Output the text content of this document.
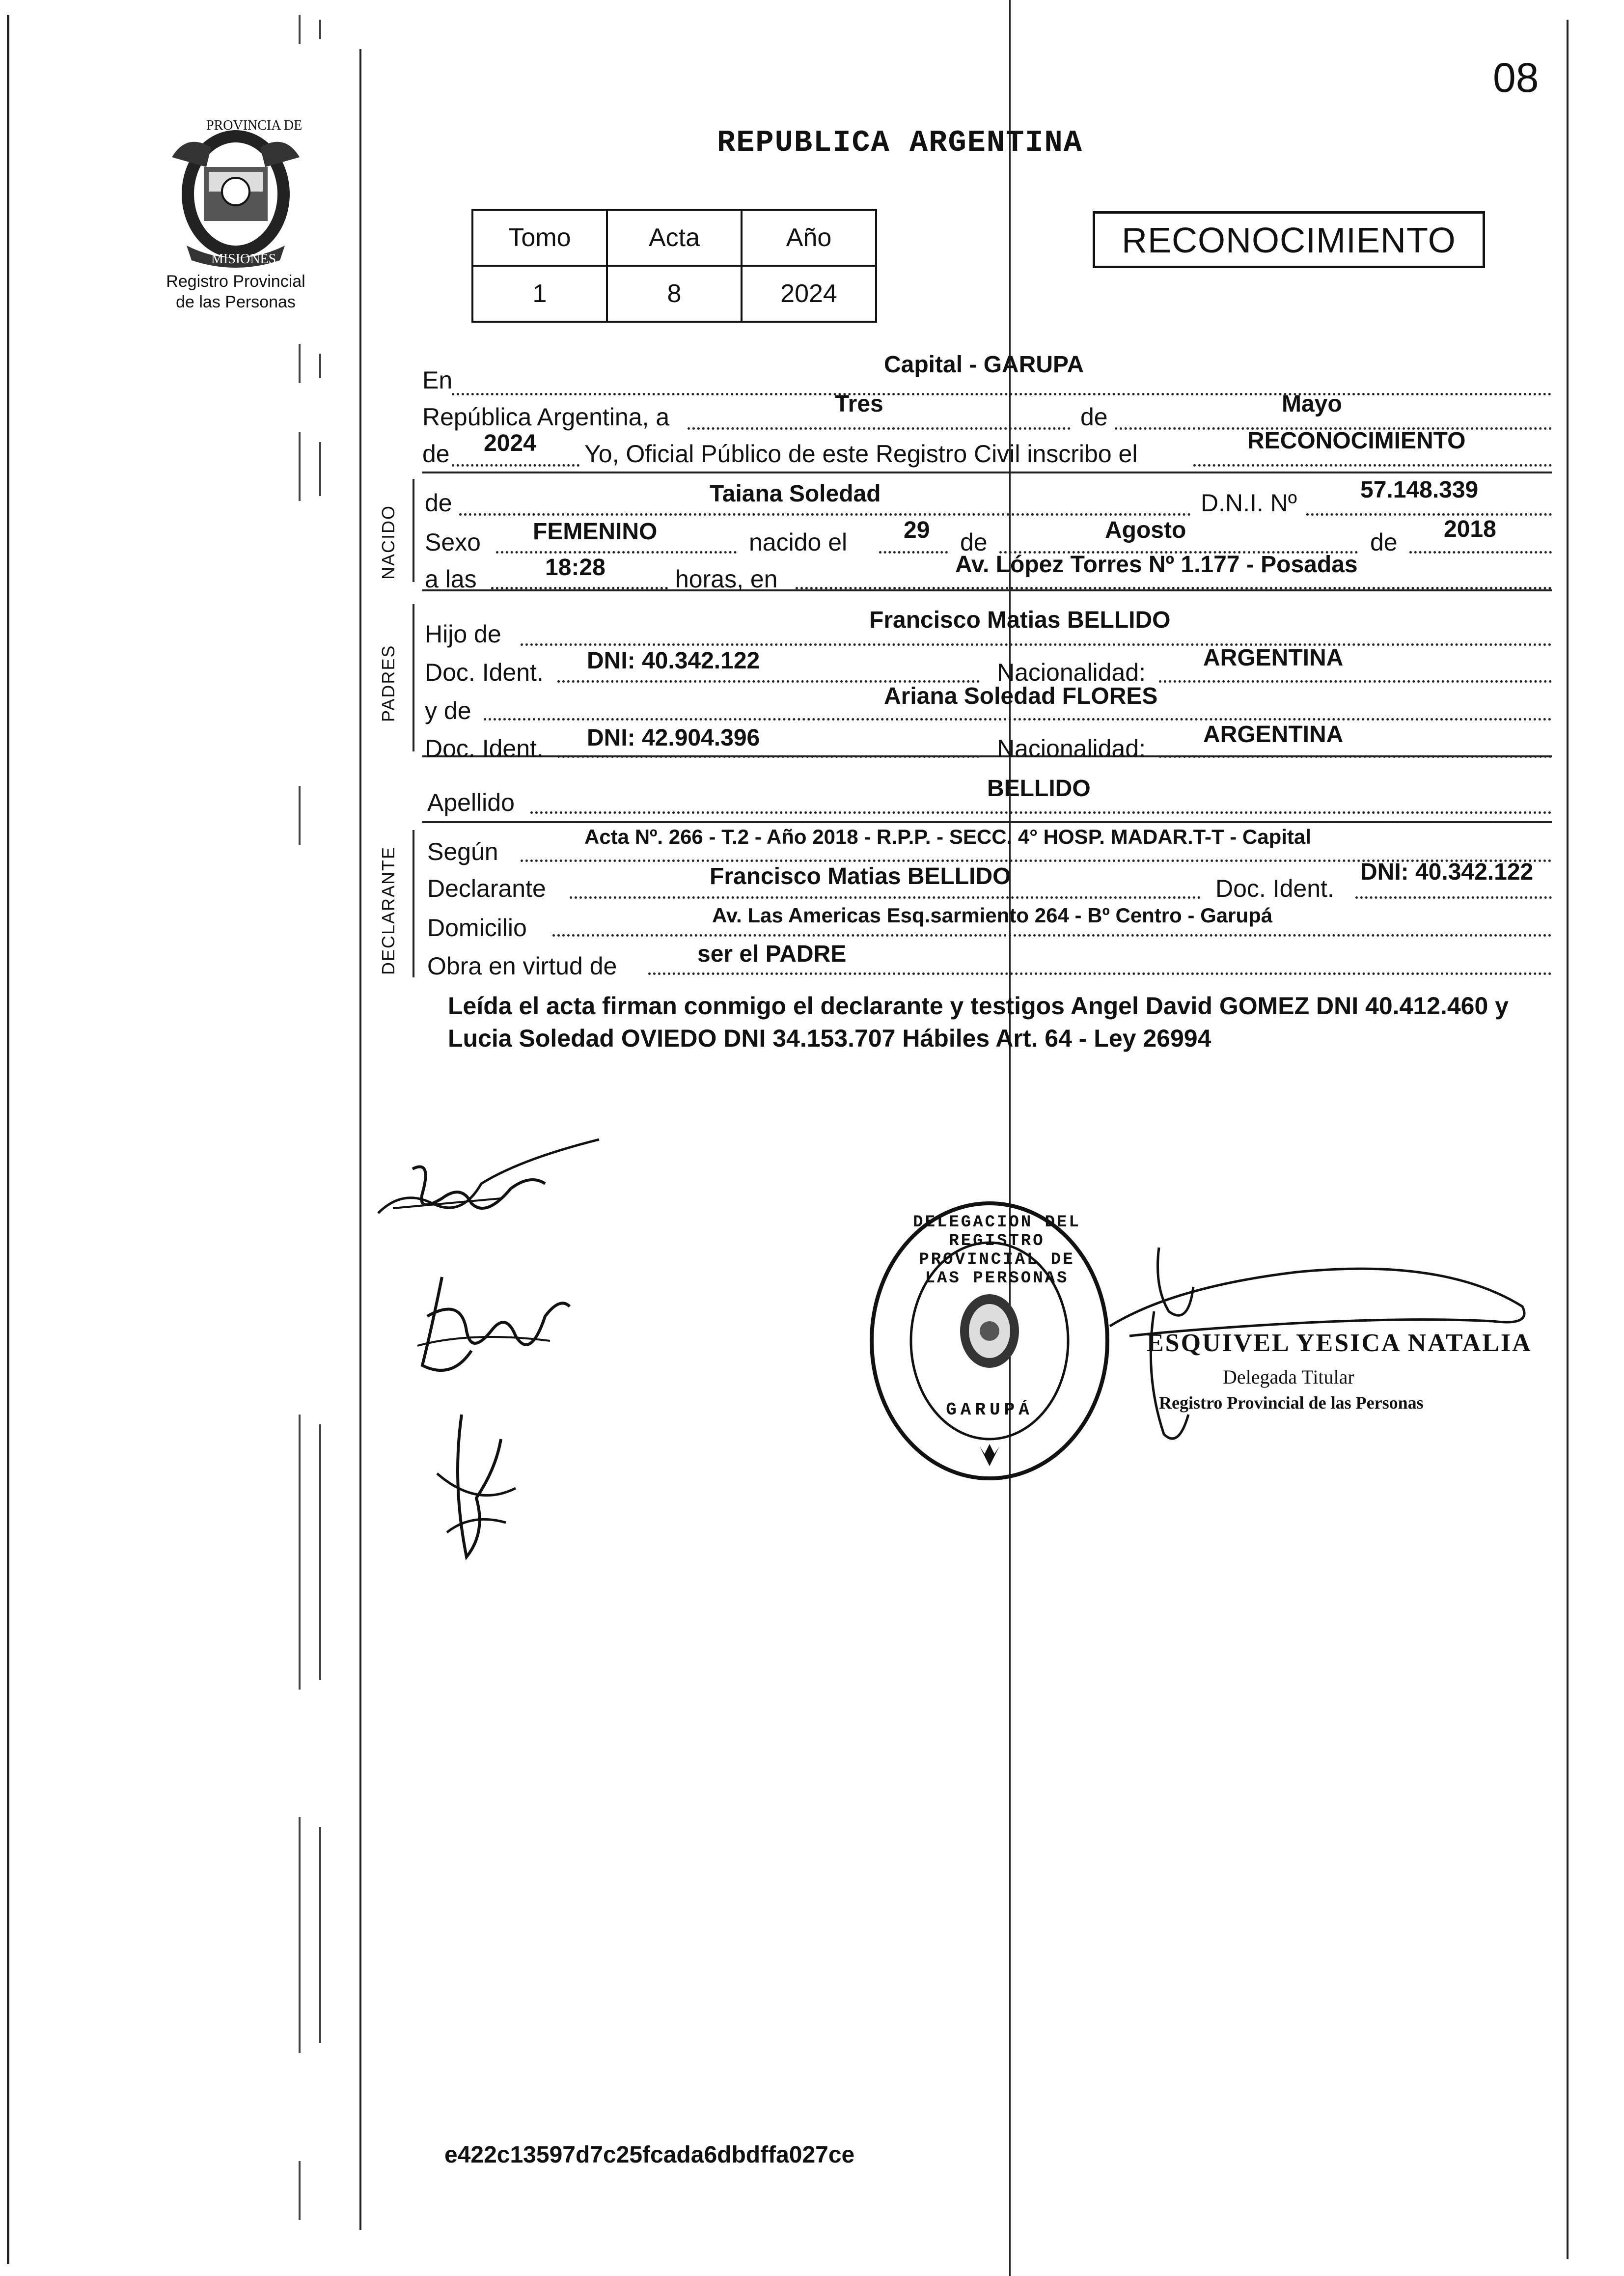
08
PROVINCIA DE
MISIONES
Registro Provincial
de las Personas
REPUBLICA ARGENTINA
Tomo	Acta	Año
1	8	2024
RECONOCIMIENTO
En
Capital - GARUPA
República Argentina, a	Tres	de	Mayo
de 2024 Yo, Oficial Público de este Registro Civil inscribo el	RECONOCIMIENTO
NACIDO
PADRES
DECLARANTE
de	Taiana Soledad	D.N.I. Nº	57.148.339
Sexo FEMENINO	nacido el 29 de	Agosto	de 2018
a las	18:28	horas, en
Av. López Torres Nº 1.177 - Posadas
Hijo de
Francisco Matias BELLIDO
Doc. Ident. DNI: 40.342.122	Nacionalidad:
ARGENTINA
y de
Ariana Soledad FLORES
Doc. Ident. DNI: 42.904.396	Nacionalidad:
ARGENTINA
Apellido
BELLIDO
Según
Acta Nº. 266 - T.2 - Año 2018 - R.P.P. - SECC. 4° HOSP. MADAR.T-T - Capital
Declarante	Francisco Matias BELLIDO	Doc. Ident.
DNI: 40.342.122
Domicilio	Av. Las Americas Esq.sarmiento 264 - Bº Centro - Garupá
Obra en virtud de	ser el PADRE
Leída el acta firman conmigo el declarante y testigos Angel David GOMEZ DNI 40.412.460 y Lucia Soledad OVIEDO DNI 34.153.707 Hábiles Art. 64 - Ley 26994
DELEGACION DEL REGISTRO PROVINCIAL DE LAS PERSONAS
GARUPÁ
ESQUIVEL YESICA NATALIA
Delegada Titular
Registro Provincial de las Personas
e422c13597d7c25fcada6dbdffa027ce
